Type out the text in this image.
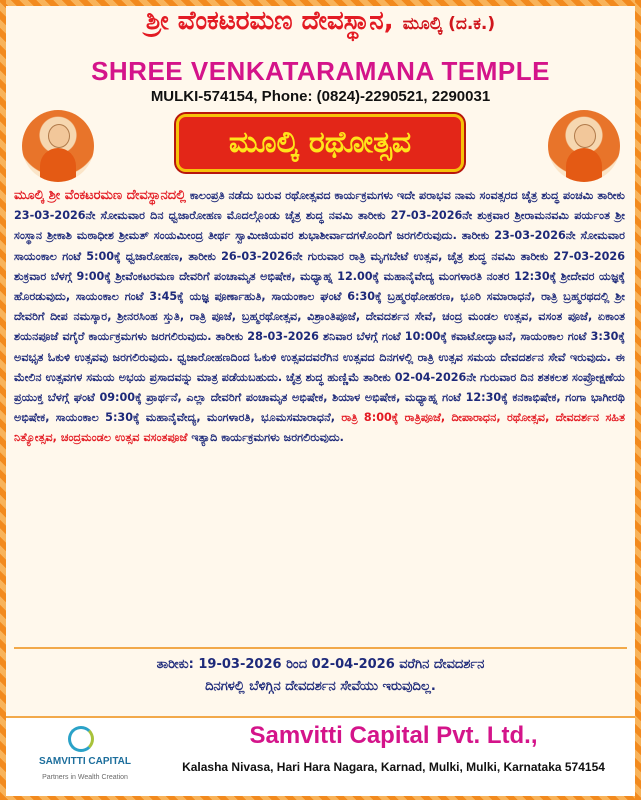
ಶ್ರೀ ವೆಂಕಟರಮಣ ದೇವಸ್ಥಾನ, ಮೂಲ್ಕಿ (ದ.ಕ.)
SHREE VENKATARAMANA TEMPLE
MULKI-574154, Phone: (0824)-2290521, 2290031
ಮೂಲ್ಕಿ ರಥೋತ್ಸವ
ಮೂಲ್ಕಿ ಶ್ರೀ ವೆಂಕಟರಮಣ ದೇವಸ್ಥಾನದಲ್ಲಿ ಕಾಲಂಪ್ರತಿ ನಡೆದು ಬರುವ ರಥೋತ್ಸವದ ಕಾರ್ಯಕ್ರಮಗಳು ಇದೇ ಪರಾಭವ ನಾಮ ಸಂವತ್ಸರದ ಚೈತ್ರ ಶುದ್ಧ ಪಂಚಮಿ ತಾರೀಕು 23-03-2026ನೇ ಸೋಮವಾರ ದಿನ ಧ್ವಜಾರೋಹಣ ಮೊದಲ್ಗೊಂಡು ಚೈತ್ರ ಶುದ್ಧ ನವಮಿ ತಾರೀಕು 27-03-2026ನೇ ಶುಕ್ರವಾರ ಶ್ರೀರಾಮನವಮಿ ಪರ್ಯಂತ ಶ್ರೀ ಸಂಸ್ಥಾನ ಶ್ರೀಕಾಶಿ ಮಠಾಧೀಶ ಶ್ರೀಮತ್ ಸಂಯಮೀಂದ್ರ ತೀರ್ಥ ಸ್ವಾಮೀಜಿಯವರ ಶುಭಾಶೀರ್ವಾದಗಳೊಂದಿಗೆ ಜರಗಲಿರುವುದು. ತಾರೀಕು 23-03-2026ನೇ ಸೋಮವಾರ ಸಾಯಂಕಾಲ ಗಂಟೆ 5:00ಕ್ಕೆ ಧ್ವಜಾರೋಹಣ, ತಾರೀಕು 26-03-2026ನೇ ಗುರುವಾರ ರಾತ್ರಿ ಮೃಗಬೇಟೆ ಉತ್ಸವ, ಚೈತ್ರ ಶುದ್ಧ ನವಮಿ ತಾರೀಕು 27-03-2026 ಶುಕ್ರವಾರ ಬೆಳಗ್ಗೆ 9:00ಕ್ಕೆ ಶ್ರೀವೆಂಕಟರಮಣ ದೇವರಿಗೆ ಪಂಚಾಮೃತ ಅಭಿಷೇಕ, ಮಧ್ಯಾಹ್ನ 12.00ಕ್ಕೆ ಮಹಾನೈವೇದ್ಯ ಮಂಗಳಾರತಿ ನಂತರ 12:30ಕ್ಕೆ ಶ್ರೀದೇವರ ಯಜ್ಞಕ್ಕೆ ಹೊರಡುವುದು, ಸಾಯಂಕಾಲ ಗಂಟೆ 3:45ಕ್ಕೆ ಯಜ್ಞ ಪೂರ್ಣಾಹುತಿ, ಸಾಯಂಕಾಲ ಘಂಟೆ 6:30ಕ್ಕೆ ಬ್ರಹ್ಮರಥೋಹರಣ, ಭೂರಿ ಸಮಾರಾಧನೆ, ರಾತ್ರಿ ಬ್ರಹ್ಮರಥದಲ್ಲಿ ಶ್ರೀ ದೇವರಿಗೆ ದೀಪ ನಮಸ್ಕಾರ, ಶ್ರೀನರಸಿಂಹ ಸ್ತುತಿ, ರಾತ್ರಿ ಪೂಜೆ, ಬ್ರಹ್ಮರಥೋತ್ಸವ, ವಿಶ್ರಾಂತಿಪೂಜೆ, ದೇವದರ್ಶನ ಸೇವೆ, ಚಂದ್ರ ಮಂಡಲ ಉತ್ಸವ, ವಸಂತ ಪೂಜೆ, ಏಕಾಂತ ಶಯನಪೂಜೆ ವಗೈರೆ ಕಾರ್ಯಕ್ರಮಗಳು ಜರಗಲಿರುವುದು. ತಾರೀಕು 28-03-2026 ಶನಿವಾರ ಬೆಳಗ್ಗೆ ಗಂಟೆ 10:00ಕ್ಕೆ ಕವಾಟೋದ್ಘಾಟನೆ, ಸಾಯಂಕಾಲ ಗಂಟೆ 3:30ಕ್ಕೆ ಅವಭೃತ ಓಕುಳಿ ಉತ್ಸವವು ಜರಗಲಿರುವುದು. ಧ್ವಜಾರೋಹಣದಿಂದ ಓಕುಳಿ ಉತ್ಸವದವರೆಗಿನ ಉತ್ಸವದ ದಿನಗಳಲ್ಲಿ ರಾತ್ರಿ ಉತ್ಸವ ಸಮಯ ದೇವದರ್ಶನ ಸೇವೆ ಇರುವುದು. ಈ ಮೇಲಿನ ಉತ್ಸವಗಳ ಸಮಯ ಅಭಯ ಪ್ರಸಾದವನ್ನು ಮಾತ್ರ ಪಡೆಯಬಹುದು. ಚೈತ್ರ ಶುದ್ಧ ಹುಣ್ಣಿಮೆ ತಾರೀಕು 02-04-2026ನೇ ಗುರುವಾರ ದಿನ ಶತಕಲಶ ಸಂಪ್ರೋಕ್ಷಣೆಯ ಪ್ರಯುಕ್ತ ಬೆಳಗ್ಗೆ ಘಂಟೆ 09:00ಕ್ಕೆ ಪ್ರಾರ್ಥನೆ, ಎಲ್ಲಾ ದೇವರಿಗೆ ಪಂಚಾಮೃತ ಅಭಿಷೇಕ, ಶಿಯಾಳ ಅಭಿಷೇಕ, ಮಧ್ಯಾಹ್ನ ಗಂಟೆ 12:30ಕ್ಕೆ ಕನಕಾಭಿಷೇಕ, ಗಂಗಾ ಭಾಗೀರಥಿ ಅಭಿಷೇಕ, ಸಾಯಂಕಾಲ 5:30ಕ್ಕೆ ಮಹಾನೈವೇದ್ಯ, ಮಂಗಳಾರತಿ, ಭೂಮಸಮಾರಾಧನೆ, ರಾತ್ರಿ 8:00ಕ್ಕೆ ರಾತ್ರಿಪೂಜೆ, ದೀಪಾರಾಧನ, ರಥೋತ್ಸವ, ದೇವದರ್ಶನ ಸಹಿತ ನಿತ್ಯೋತ್ಸವ, ಚಂದ್ರಮಂಡಲ ಉತ್ಸವ ವಸಂತಪೂಜೆ ಇತ್ಯಾದಿ ಕಾರ್ಯಕ್ರಮಗಳು ಜರಗಲಿರುವುದು.
ತಾರೀಕು: 19-03-2026 ರಿಂದ 02-04-2026 ವರೆಗಿನ ದೇವದರ್ಶನ
ದಿನಗಳಲ್ಲಿ ಬೆಳಿಗ್ಗಿನ ದೇವದರ್ಶನ ಸೇವೆಯು ಇರುವುದಿಲ್ಲ.
SAMVITTI CAPITAL
Partners in Wealth Creation
Samvitti Capital Pvt. Ltd.,
Kalasha Nivasa, Hari Hara Nagara, Karnad, Mulki, Mulki, Karnataka 574154
